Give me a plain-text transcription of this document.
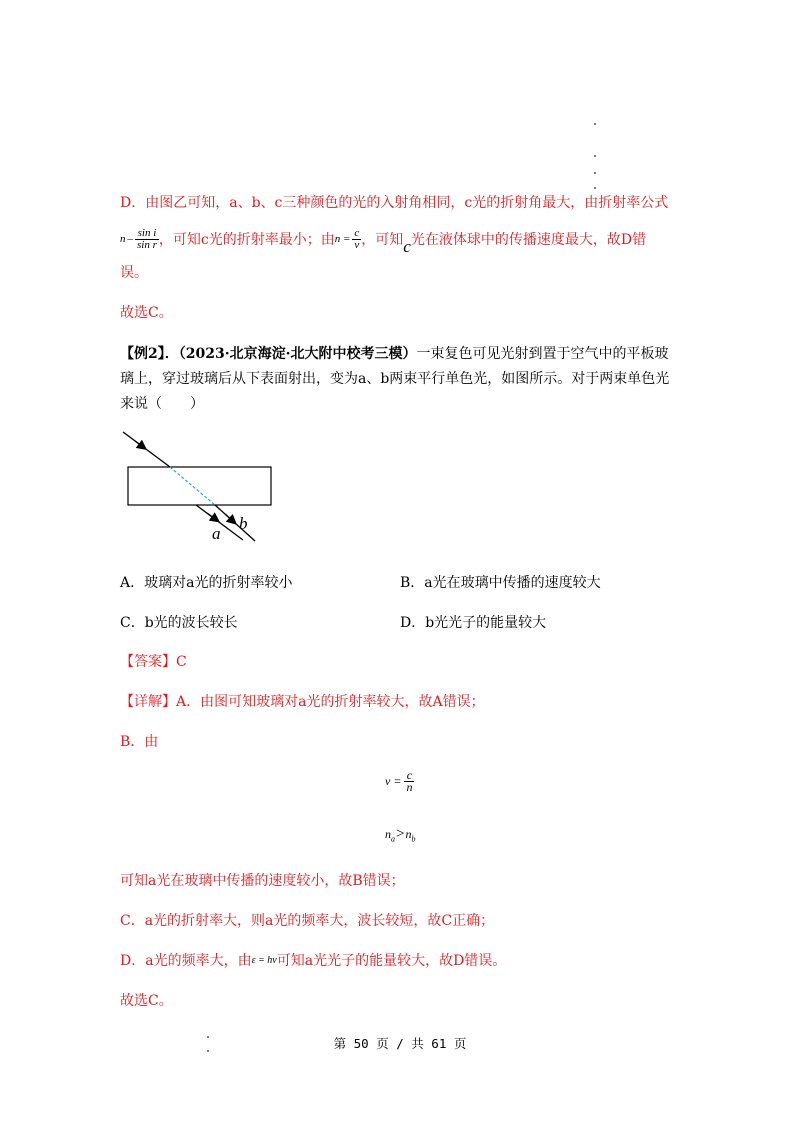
D．由图乙可知，a、b、c三种颜色的光的入射角相同，c光的折射角最大，由折射率公式
n – $\frac{\text{sin i}}{\text{sin r}}$ ，可知c光的折射率最小；由 $n = \frac{c}{v}$ ，可知 c 光在液体球中的传播速度最大，故D错
误。
故选C。
【例2】．（2023·北京海淀·北大附中校考三模）一束复色可见光射到置于空气中的平板玻
璃上，穿过玻璃后从下表面射出，变为a、b两束平行单色光，如图所示。对于两束单色光
来说（　　）
b
a
A．玻璃对a光的折射率较小	B．a光在玻璃中传播的速度较大
C．b光的波长较长	D．b光光子的能量较大
【答案】C
【详解】A．由图可知玻璃对a光的折射率较大，故A错误；
B．由
$v = \frac{c}{n}$
$n_a>n_b$
可知a光在玻璃中传播的速度较小，故B错误；
C．a光的折射率大，则a光的频率大，波长较短，故C正确；
D．a光的频率大，由ε = hν可知a光光子的能量较大，故D错误。
故选C。
第 50 页 / 共 61 页
